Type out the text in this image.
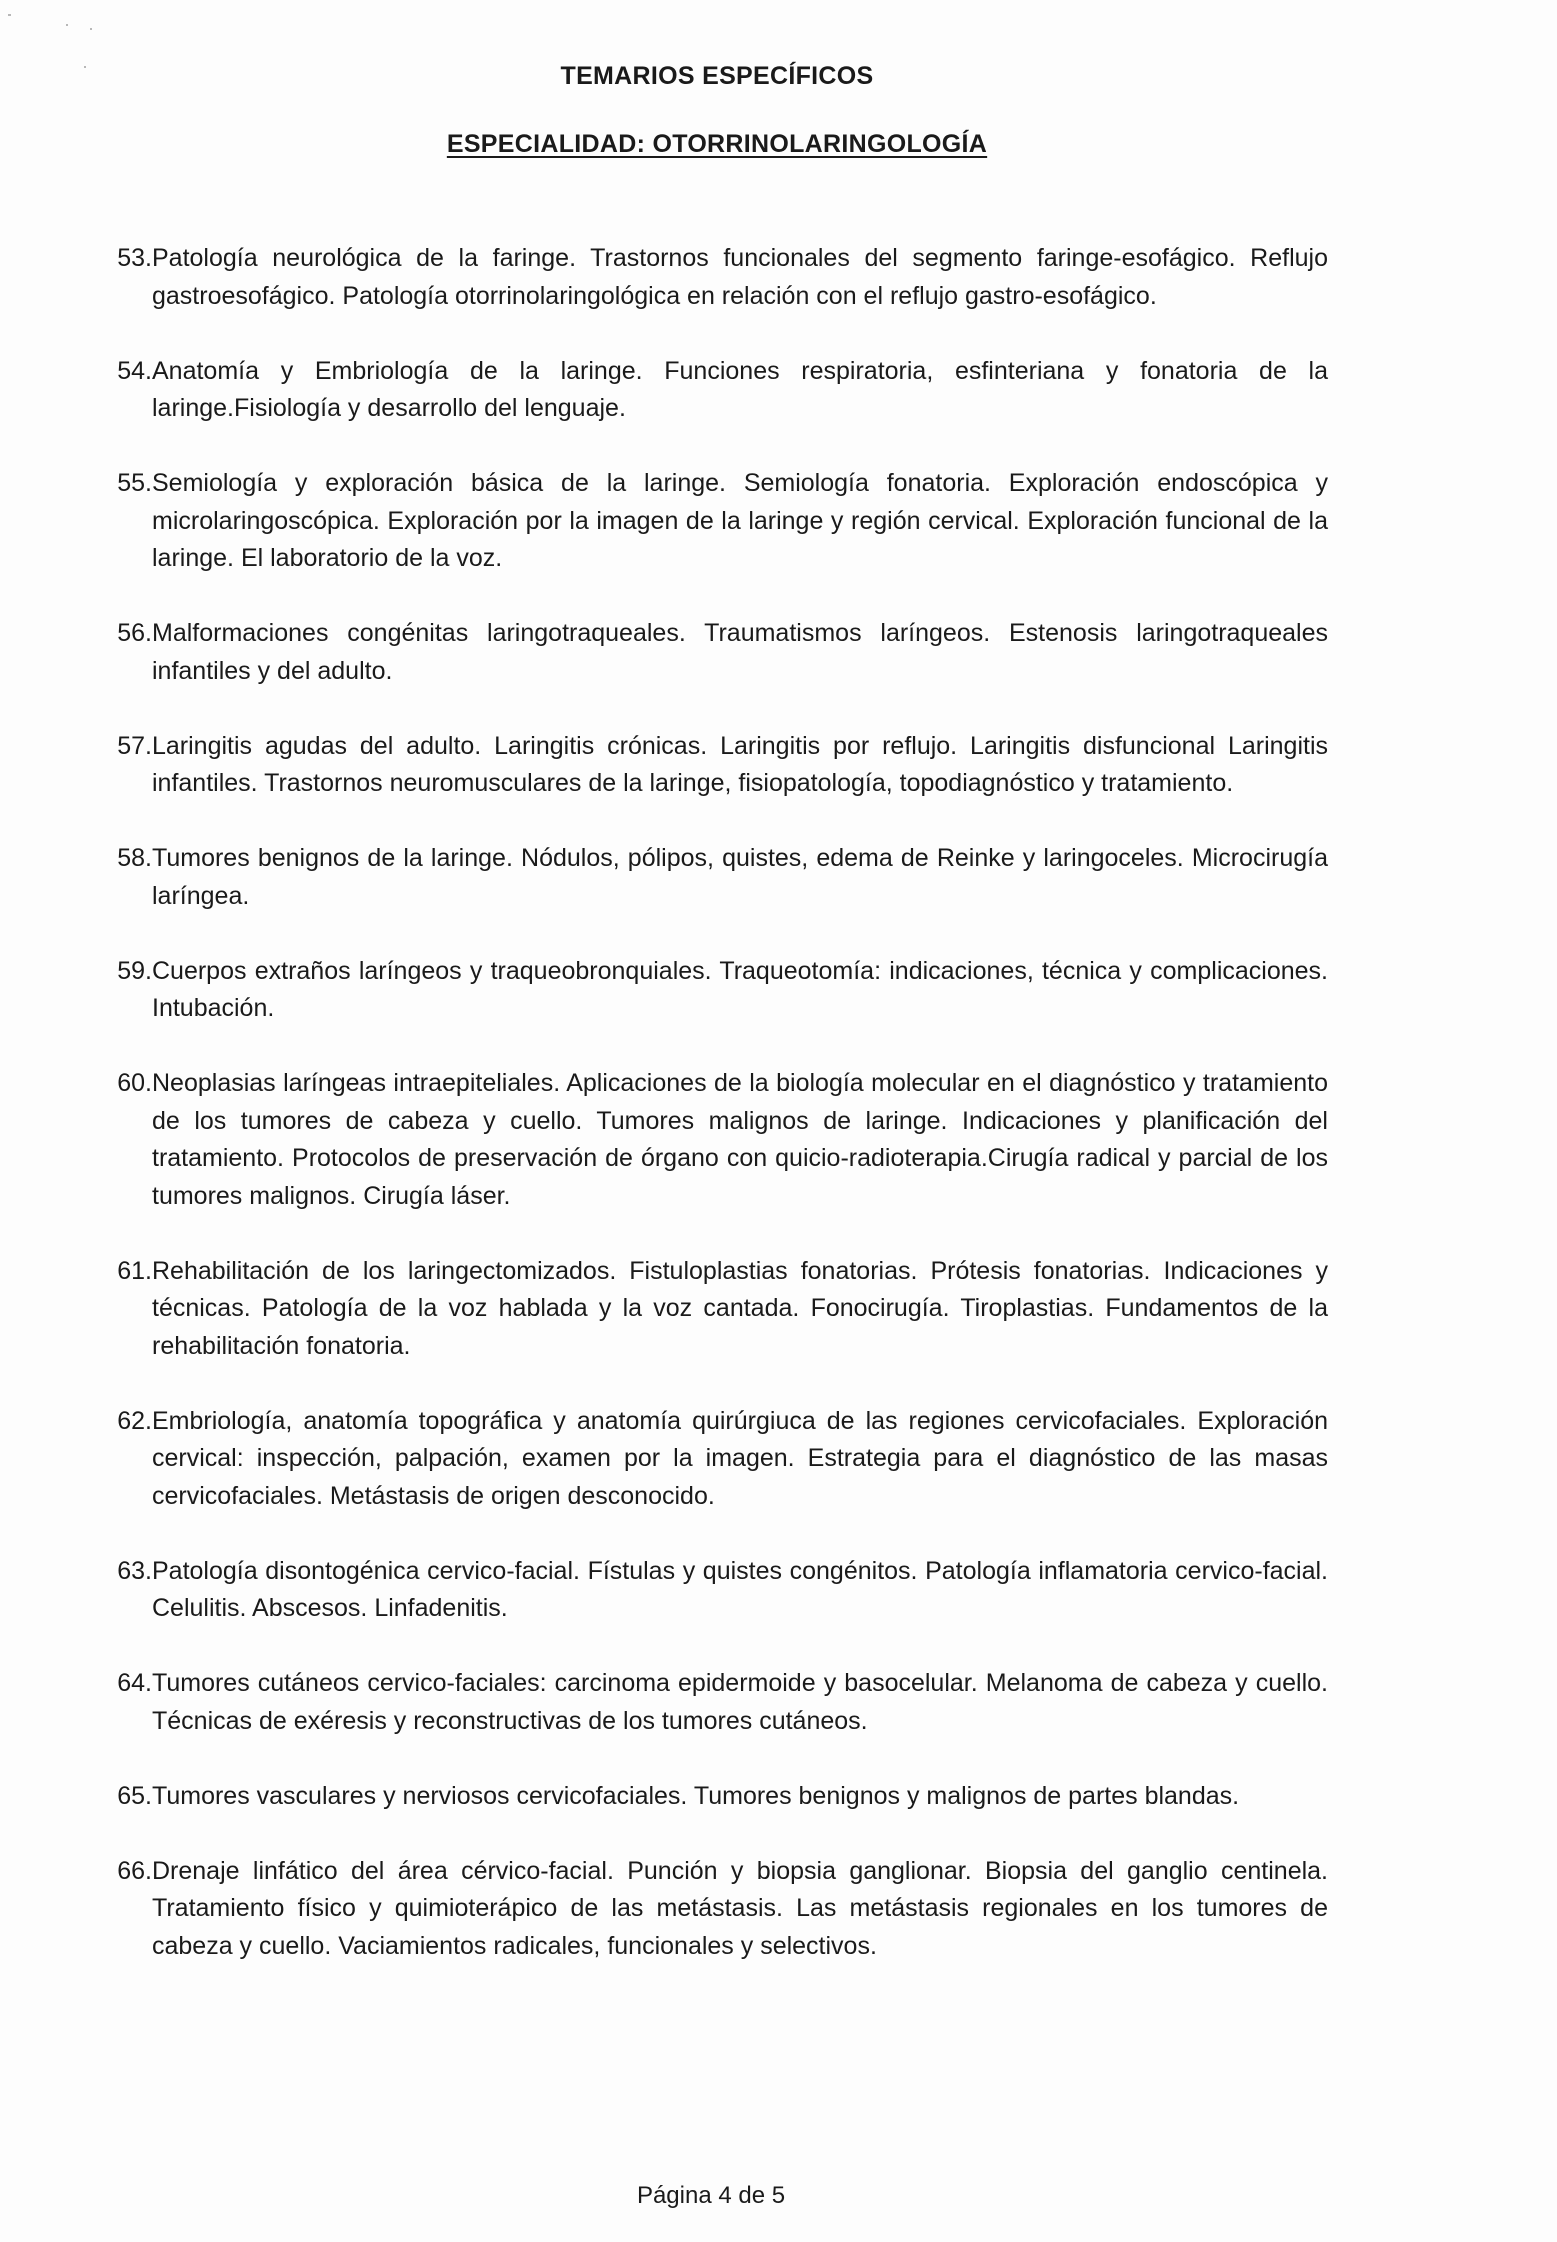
TEMARIOS ESPECÍFICOS
ESPECIALIDAD: OTORRINOLARINGOLOGÍA
53. Patología neurológica de la faringe. Trastornos funcionales del segmento faringe-esofágico. Reflujo gastroesofágico. Patología otorrinolaringológica en relación con el reflujo gastro-esofágico.
54. Anatomía y Embriología de la laringe. Funciones respiratoria, esfinteriana y fonatoria de la laringe.Fisiología y desarrollo del lenguaje.
55. Semiología y exploración básica de la laringe. Semiología fonatoria. Exploración endoscópica y microlaringoscópica. Exploración por la imagen de la laringe y región cervical. Exploración funcional de la laringe. El laboratorio de la voz.
56. Malformaciones congénitas laringotraqueales. Traumatismos laríngeos. Estenosis laringotraqueales infantiles y del adulto.
57. Laringitis agudas del adulto. Laringitis crónicas. Laringitis por reflujo. Laringitis disfuncional Laringitis infantiles. Trastornos neuromusculares de la laringe, fisiopatología, topodiagnóstico y tratamiento.
58. Tumores benignos de la laringe. Nódulos, pólipos, quistes, edema de Reinke y laringoceles. Microcirugía laríngea.
59. Cuerpos extraños laríngeos y traqueobronquiales. Traqueotomía: indicaciones, técnica y complicaciones. Intubación.
60. Neoplasias laríngeas intraepiteliales. Aplicaciones de la biología molecular en el diagnóstico y tratamiento de los tumores de cabeza y cuello. Tumores malignos de laringe. Indicaciones y planificación del tratamiento. Protocolos de preservación de órgano con quicio-radioterapia.Cirugía radical y parcial de los tumores malignos. Cirugía láser.
61. Rehabilitación de los laringectomizados. Fistuloplastias fonatorias. Prótesis fonatorias. Indicaciones y técnicas. Patología de la voz hablada y la voz cantada. Fonocirugía. Tiroplastias. Fundamentos de la rehabilitación fonatoria.
62. Embriología, anatomía topográfica y anatomía quirúrgiuca de las regiones cervicofaciales. Exploración cervical: inspección, palpación, examen por la imagen. Estrategia para el diagnóstico de las masas cervicofaciales. Metástasis de origen desconocido.
63. Patología disontogénica cervico-facial. Fístulas y quistes congénitos. Patología inflamatoria cervico-facial. Celulitis. Abscesos. Linfadenitis.
64. Tumores cutáneos cervico-faciales: carcinoma epidermoide y basocelular. Melanoma de cabeza y cuello. Técnicas de exéresis y reconstructivas de los tumores cutáneos.
65. Tumores vasculares y nerviosos cervicofaciales. Tumores benignos y malignos de partes blandas.
66. Drenaje linfático del área cérvico-facial. Punción y biopsia ganglionar. Biopsia del ganglio centinela. Tratamiento físico y quimioterápico de las metástasis. Las metástasis regionales en los tumores de cabeza y cuello. Vaciamientos radicales, funcionales y selectivos.
Página 4 de 5
